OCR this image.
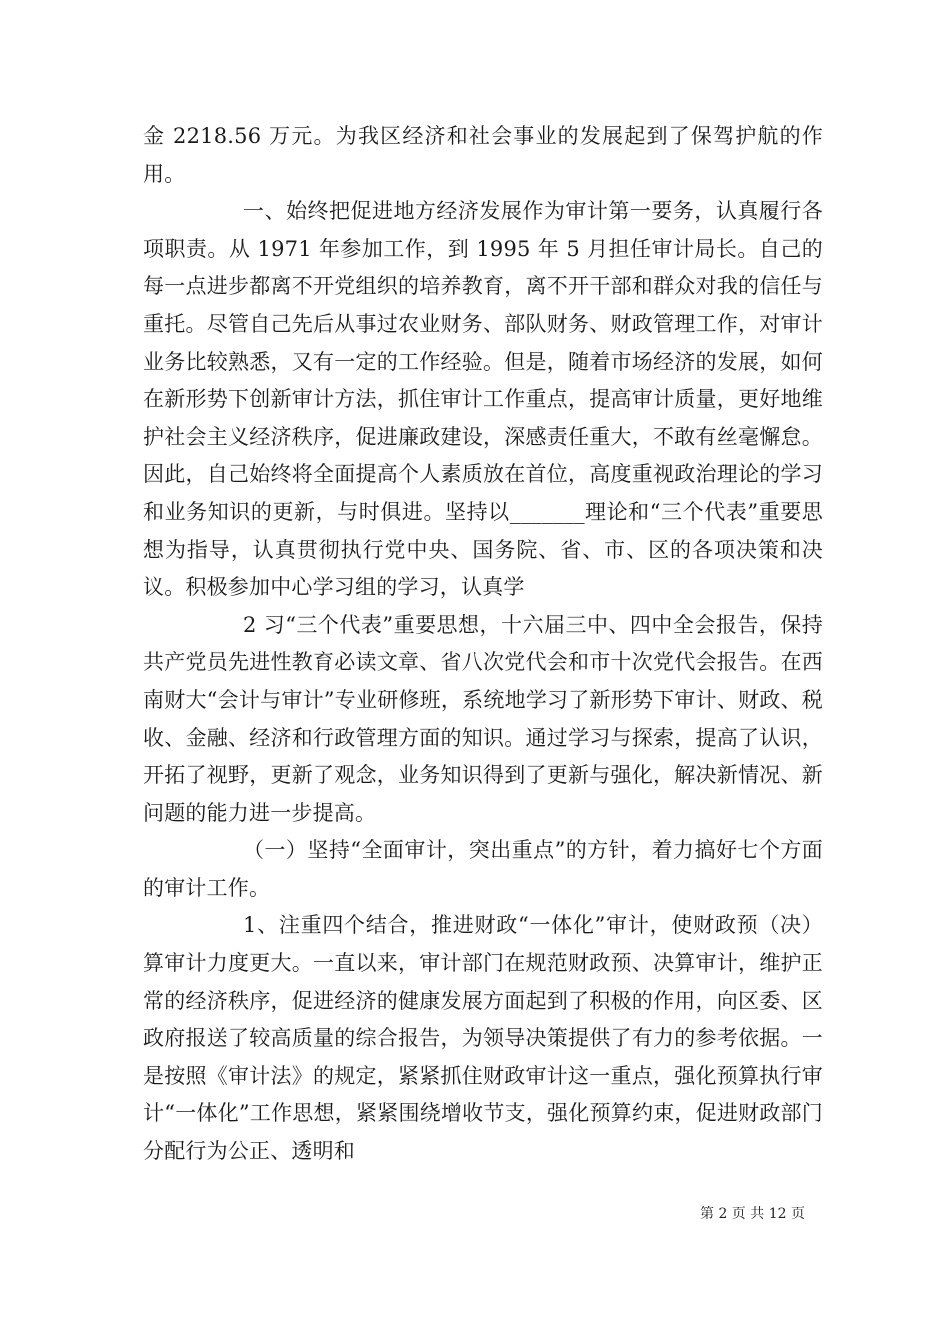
金 2218.56 万元。为我区经济和社会事业的发展起到了保驾护航的作用。

一、始终把促进地方经济发展作为审计第一要务，认真履行各项职责。从 1971 年参加工作，到 1995 年 5 月担任审计局长。自己的每一点进步都离不开党组织的培养教育，离不开干部和群众对我的信任与重托。尽管自己先后从事过农业财务、部队财务、财政管理工作，对审计业务比较熟悉，又有一定的工作经验。但是，随着市场经济的发展，如何在新形势下创新审计方法，抓住审计工作重点，提高审计质量，更好地维护社会主义经济秩序，促进廉政建设，深感责任重大，不敢有丝毫懈怠。因此，自己始终将全面提高个人素质放在首位，高度重视政治理论的学习和业务知识的更新，与时俱进。坚持以_______理论和“三个代表”重要思想为指导，认真贯彻执行党中央、国务院、省、市、区的各项决策和决议。积极参加中心学习组的学习，认真学

2 习“三个代表”重要思想，十六届三中、四中全会报告，保持共产党员先进性教育必读文章、省八次党代会和市十次党代会报告。在西南财大“会计与审计”专业研修班，系统地学习了新形势下审计、财政、税收、金融、经济和行政管理方面的知识。通过学习与探索，提高了认识，开拓了视野，更新了观念，业务知识得到了更新与强化，解决新情况、新问题的能力进一步提高。

（一）坚持“全面审计，突出重点”的方针，着力搞好七个方面的审计工作。

1、注重四个结合，推进财政“一体化”审计，使财政预（决）算审计力度更大。一直以来，审计部门在规范财政预、决算审计，维护正常的经济秩序，促进经济的健康发展方面起到了积极的作用，向区委、区政府报送了较高质量的综合报告，为领导决策提供了有力的参考依据。一是按照《审计法》的规定，紧紧抓住财政审计这一重点，强化预算执行审计“一体化”工作思想，紧紧围绕增收节支，强化预算约束，促进财政部门分配行为公正、透明和

第 2 页 共 12 页
